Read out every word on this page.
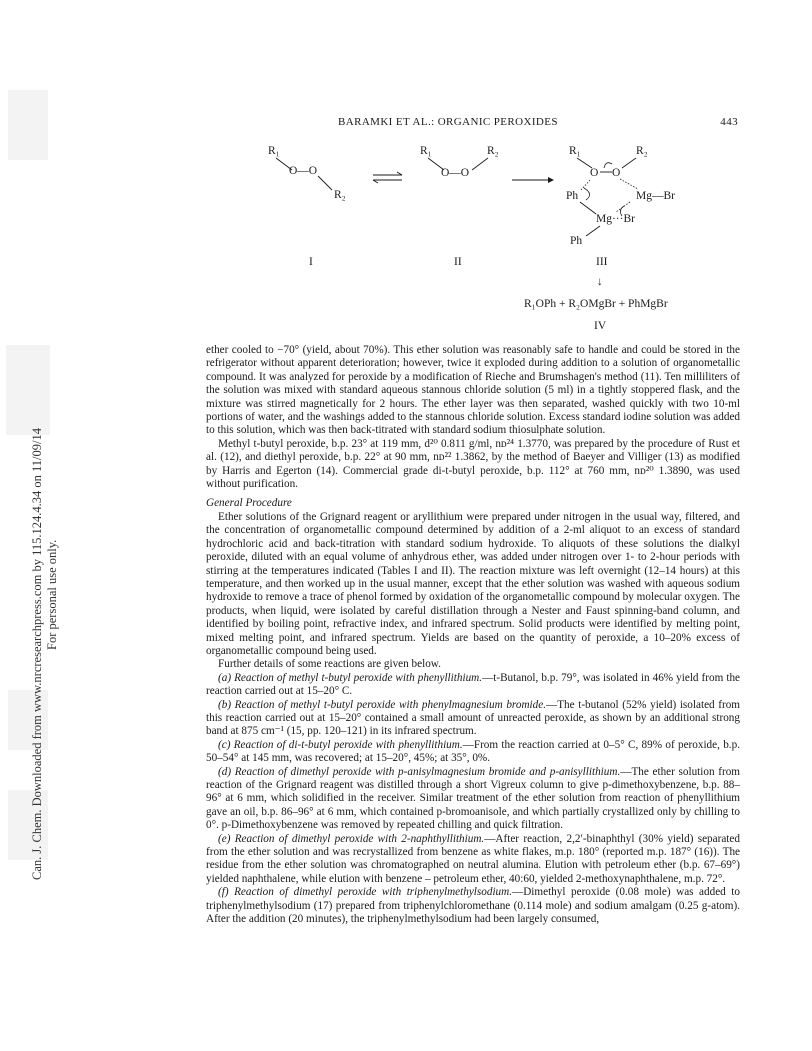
Can. J. Chem. Downloaded from www.nrcresearchpress.com by 115.124.4.34 on 11/09/14 For personal use only.
BARAMKI ET AL.: ORGANIC PEROXIDES	443
R₁
O—O
R₂
R₁	R₂
O—O
R₁	R₂
O O
Ph	Mg—Br
Mg···Br
Ph
I	II	III
↓
R₁OPh + R₂OMgBr + PhMgBr
IV

ether cooled to −70° (yield, about 70%). This ether solution was reasonably safe to handle and could be stored in the refrigerator without apparent deterioration; however, twice it exploded during addition to a solution of organometallic compound. It was analyzed for peroxide by a modification of Rieche and Brumshagen's method (11). Ten milliliters of the solution was mixed with standard aqueous stannous chloride solution (5 ml) in a tightly stoppered flask, and the mixture was stirred magnetically for 2 hours. The ether layer was then separated, washed quickly with two 10-ml portions of water, and the washings added to the stannous chloride solution. Excess standard iodine solution was added to this solution, which was then back-titrated with standard sodium thiosulphate solution.

Methyl t-butyl peroxide, b.p. 23° at 119 mm, d²⁰ 0.811 g/ml, nᴅ²⁴ 1.3770, was prepared by the procedure of Rust et al. (12), and diethyl peroxide, b.p. 22° at 90 mm, nᴅ²² 1.3862, by the method of Baeyer and Villiger (13) as modified by Harris and Egerton (14). Commercial grade di-t-butyl peroxide, b.p. 112° at 760 mm, nᴅ²⁰ 1.3890, was used without purification.

General Procedure

Ether solutions of the Grignard reagent or aryllithium were prepared under nitrogen in the usual way, filtered, and the concentration of organometallic compound determined by addition of a 2-ml aliquot to an excess of standard hydrochloric acid and back-titration with standard sodium hydroxide. To aliquots of these solutions the dialkyl peroxide, diluted with an equal volume of anhydrous ether, was added under nitrogen over 1- to 2-hour periods with stirring at the temperatures indicated (Tables I and II). The reaction mixture was left overnight (12–14 hours) at this temperature, and then worked up in the usual manner, except that the ether solution was washed with aqueous sodium hydroxide to remove a trace of phenol formed by oxidation of the organometallic compound by molecular oxygen. The products, when liquid, were isolated by careful distillation through a Nester and Faust spinning-band column, and identified by boiling point, refractive index, and infrared spectrum. Solid products were identified by melting point, mixed melting point, and infrared spectrum. Yields are based on the quantity of peroxide, a 10–20% excess of organometallic compound being used.

Further details of some reactions are given below.

(a) Reaction of methyl t-butyl peroxide with phenyllithium.—t-Butanol, b.p. 79°, was isolated in 46% yield from the reaction carried out at 15–20° C.

(b) Reaction of methyl t-butyl peroxide with phenylmagnesium bromide.—The t-butanol (52% yield) isolated from this reaction carried out at 15–20° contained a small amount of unreacted peroxide, as shown by an additional strong band at 875 cm⁻¹ (15, pp. 120–121) in its infrared spectrum.

(c) Reaction of di-t-butyl peroxide with phenyllithium.—From the reaction carried at 0–5° C, 89% of peroxide, b.p. 50–54° at 145 mm, was recovered; at 15–20°, 45%; at 35°, 0%.

(d) Reaction of dimethyl peroxide with p-anisylmagnesium bromide and p-anisyllithium.—The ether solution from reaction of the Grignard reagent was distilled through a short Vigreux column to give p-dimethoxybenzene, b.p. 88–96° at 6 mm, which solidified in the receiver. Similar treatment of the ether solution from reaction of phenyllithium gave an oil, b.p. 86–96° at 6 mm, which contained p-bromoanisole, and which partially crystallized only by chilling to 0°. p-Dimethoxybenzene was removed by repeated chilling and quick filtration.

(e) Reaction of dimethyl peroxide with 2-naphthyllithium.—After reaction, 2,2′-binaphthyl (30% yield) separated from the ether solution and was recrystallized from benzene as white flakes, m.p. 180° (reported m.p. 187° (16)). The residue from the ether solution was chromatographed on neutral alumina. Elution with petroleum ether (b.p. 67–69°) yielded naphthalene, while elution with benzene – petroleum ether, 40:60, yielded 2-methoxynaphthalene, m.p. 72°.

(f) Reaction of dimethyl peroxide with triphenylmethylsodium.—Dimethyl peroxide (0.08 mole) was added to triphenylmethylsodium (17) prepared from triphenylchloromethane (0.114 mole) and sodium amalgam (0.25 g-atom). After the addition (20 minutes), the triphenylmethylsodium had been largely consumed,
